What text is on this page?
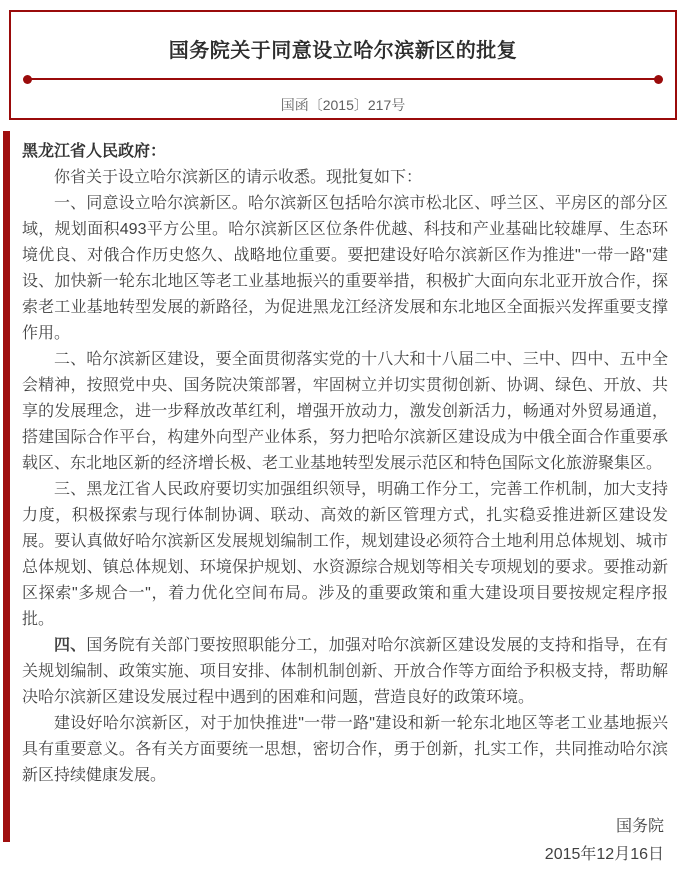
国务院关于同意设立哈尔滨新区的批复
国函〔2015〕217号

黑龙江省人民政府：

你省关于设立哈尔滨新区的请示收悉。现批复如下：

一、同意设立哈尔滨新区。哈尔滨新区包括哈尔滨市松北区、呼兰区、平房区的部分区域，规划面积493平方公里。哈尔滨新区区位条件优越、科技和产业基础比较雄厚、生态环境优良、对俄合作历史悠久、战略地位重要。要把建设好哈尔滨新区作为推进"一带一路"建设、加快新一轮东北地区等老工业基地振兴的重要举措，积极扩大面向东北亚开放合作，探索老工业基地转型发展的新路径，为促进黑龙江经济发展和东北地区全面振兴发挥重要支撑作用。

二、哈尔滨新区建设，要全面贯彻落实党的十八大和十八届二中、三中、四中、五中全会精神，按照党中央、国务院决策部署，牢固树立并切实贯彻创新、协调、绿色、开放、共享的发展理念，进一步释放改革红利，增强开放动力，激发创新活力，畅通对外贸易通道，搭建国际合作平台，构建外向型产业体系，努力把哈尔滨新区建设成为中俄全面合作重要承载区、东北地区新的经济增长极、老工业基地转型发展示范区和特色国际文化旅游聚集区。

三、黑龙江省人民政府要切实加强组织领导，明确工作分工，完善工作机制，加大支持力度，积极探索与现行体制协调、联动、高效的新区管理方式，扎实稳妥推进新区建设发展。要认真做好哈尔滨新区发展规划编制工作，规划建设必须符合土地利用总体规划、城市总体规划、镇总体规划、环境保护规划、水资源综合规划等相关专项规划的要求。要推动新区探索"多规合一"，着力优化空间布局。涉及的重要政策和重大建设项目要按规定程序报批。

四、国务院有关部门要按照职能分工，加强对哈尔滨新区建设发展的支持和指导，在有关规划编制、政策实施、项目安排、体制机制创新、开放合作等方面给予积极支持，帮助解决哈尔滨新区建设发展过程中遇到的困难和问题，营造良好的政策环境。

建设好哈尔滨新区，对于加快推进"一带一路"建设和新一轮东北地区等老工业基地振兴具有重要意义。各有关方面要统一思想，密切合作，勇于创新，扎实工作，共同推动哈尔滨新区持续健康发展。

国务院
2015年12月16日
